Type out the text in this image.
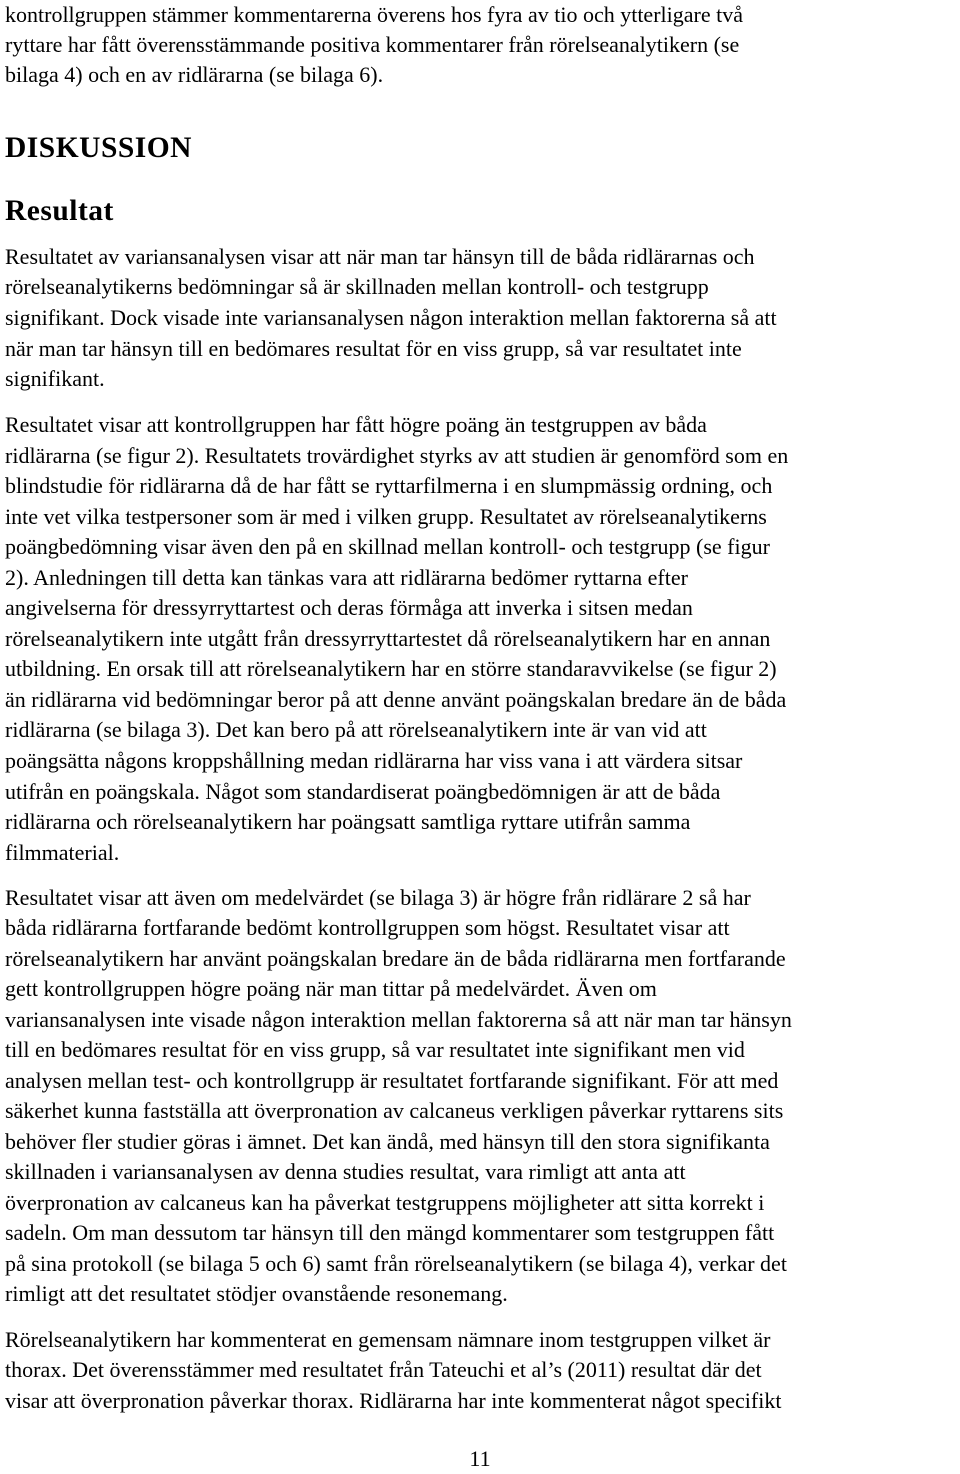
kontrollgruppen stämmer kommentarerna överens hos fyra av tio och ytterligare två
ryttare har fått överensstämmande positiva kommentarer från rörelseanalytikern (se
bilaga 4) och en av ridlärarna (se bilaga 6).
DISKUSSION
Resultat
Resultatet av variansanalysen visar att när man tar hänsyn till de båda ridlärarnas och
rörelseanalytikerns bedömningar så är skillnaden mellan kontroll- och testgrupp
signifikant. Dock visade inte variansanalysen någon interaktion mellan faktorerna så att
när man tar hänsyn till en bedömares resultat för en viss grupp, så var resultatet inte
signifikant.
Resultatet visar att kontrollgruppen har fått högre poäng än testgruppen av båda
ridlärarna (se figur 2). Resultatets trovärdighet styrks av att studien är genomförd som en
blindstudie för ridlärarna då de har fått se ryttarfilmerna i en slumpmässig ordning, och
inte vet vilka testpersoner som är med i vilken grupp. Resultatet av rörelseanalytikerns
poängbedömning visar även den på en skillnad mellan kontroll- och testgrupp (se figur
2). Anledningen till detta kan tänkas vara att ridlärarna bedömer ryttarna efter
angivelserna för dressyrryttartest och deras förmåga att inverka i sitsen medan
rörelseanalytikern inte utgått från dressyrryttartestet då rörelseanalytikern har en annan
utbildning. En orsak till att rörelseanalytikern har en större standaravvikelse (se figur 2)
än ridlärarna vid bedömningar beror på att denne använt poängskalan bredare än de båda
ridlärarna (se bilaga 3). Det kan bero på att rörelseanalytikern inte är van vid att
poängsätta någons kroppshållning medan ridlärarna har viss vana i att värdera sitsar
utifrån en poängskala. Något som standardiserat poängbedömnigen är att de båda
ridlärarna och rörelseanalytikern har poängsatt samtliga ryttare utifrån samma
filmmaterial.
Resultatet visar att även om medelvärdet (se bilaga 3) är högre från ridlärare 2 så har
båda ridlärarna fortfarande bedömt kontrollgruppen som högst. Resultatet visar att
rörelseanalytikern har använt poängskalan bredare än de båda ridlärarna men fortfarande
gett kontrollgruppen högre poäng när man tittar på medelvärdet. Även om
variansanalysen inte visade någon interaktion mellan faktorerna så att när man tar hänsyn
till en bedömares resultat för en viss grupp, så var resultatet inte signifikant men vid
analysen mellan test- och kontrollgrupp är resultatet fortfarande signifikant. För att med
säkerhet kunna fastställa att överpronation av calcaneus verkligen påverkar ryttarens sits
behöver fler studier göras i ämnet. Det kan ändå, med hänsyn till den stora signifikanta
skillnaden i variansanalysen av denna studies resultat, vara rimligt att anta att
överpronation av calcaneus kan ha påverkat testgruppens möjligheter att sitta korrekt i
sadeln. Om man dessutom tar hänsyn till den mängd kommentarer som testgruppen fått
på sina protokoll (se bilaga 5 och 6) samt från rörelseanalytikern (se bilaga 4), verkar det
rimligt att det resultatet stödjer ovanstående resonemang.
Rörelseanalytikern har kommenterat en gemensam nämnare inom testgruppen vilket är
thorax. Det överensstämmer med resultatet från Tateuchi et al’s (2011) resultat där det
visar att överpronation påverkar thorax. Ridlärarna har inte kommenterat något specifikt
11
